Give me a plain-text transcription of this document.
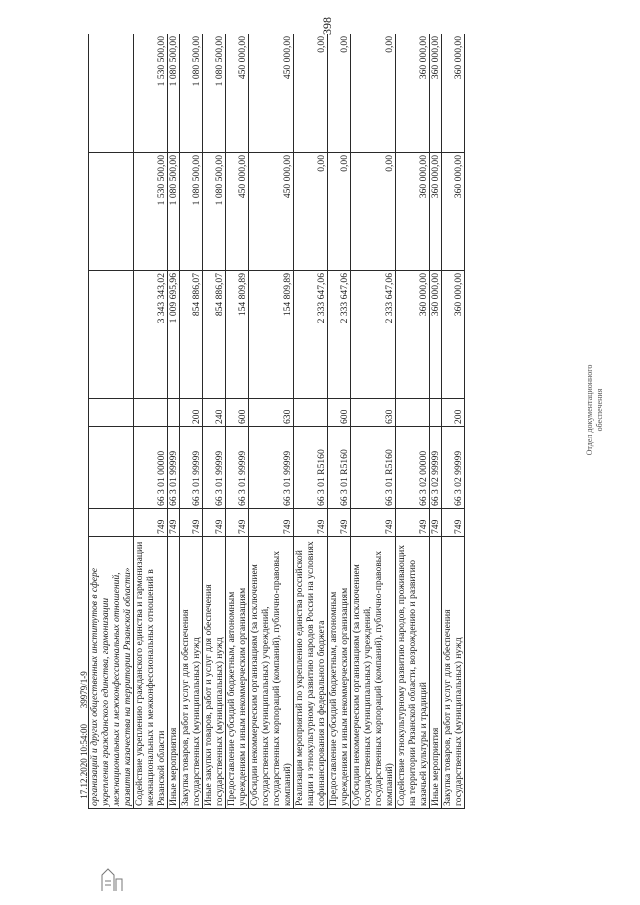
398
организаций и других общественных институтов в сфере укрепления гражданского единства, гармонизации межнациональных и межконфессиональных отношений, развития казачества на территории Рязанской области»						
Содействие укреплению гражданского единства и гармонизации межнациональных и межконфессиональных отношений в Рязанской области	749	66 3 01 00000		3 343 343,02	1 530 500,00	1 530 500,00
Иные мероприятия	749	66 3 01 99999		1 009 695,96	1 080 500,00	1 080 500,00
Закупка товаров, работ и услуг для обеспечения государственных (муниципальных) нужд	749	66 3 01 99999	200	854 886,07	1 080 500,00	1 080 500,00
Иные закупки товаров, работ и услуг для обеспечения государственных (муниципальных) нужд	749	66 3 01 99999	240	854 886,07	1 080 500,00	1 080 500,00
Предоставление субсидий бюджетным, автономным учреждениям и иным некоммерческим организациям	749	66 3 01 99999	600	154 809,89	450 000,00	450 000,00
Субсидии некоммерческим организациям (за исключением государственных (муниципальных) учреждений, государственных корпораций (компаний), публично-правовых компаний)	749	66 3 01 99999	630	154 809,89	450 000,00	450 000,00
Реализация мероприятий по укреплению единства российской нации и этнокультурному развитию народов России на условиях софинансирования из федерального бюджета	749	66 3 01 R5160		2 333 647,06	0,00	0,00
Предоставление субсидий бюджетным, автономным учреждениям и иным некоммерческим организациям	749	66 3 01 R5160	600	2 333 647,06	0,00	0,00
Субсидии некоммерческим организациям (за исключением государственных (муниципальных) учреждений, государственных корпораций (компаний), публично-правовых компаний)	749	66 3 01 R5160	630	2 333 647,06	0,00	0,00
Содействие этнокультурному развитию народов, проживающих на территории Рязанской области, возрождению и развитию казачьей культуры и традиций	749	66 3 02 00000		360 000,00	360 000,00	360 000,00
Иные мероприятия	749	66 3 02 99999		360 000,00	360 000,00	360 000,00
Закупка товаров, работ и услуг для обеспечения государственных (муниципальных) нужд	749	66 3 02 99999	200	360 000,00	360 000,00	360 000,00
Отдел документационного обеспечения
17.12.2020 10:54:00       39979/1-9
